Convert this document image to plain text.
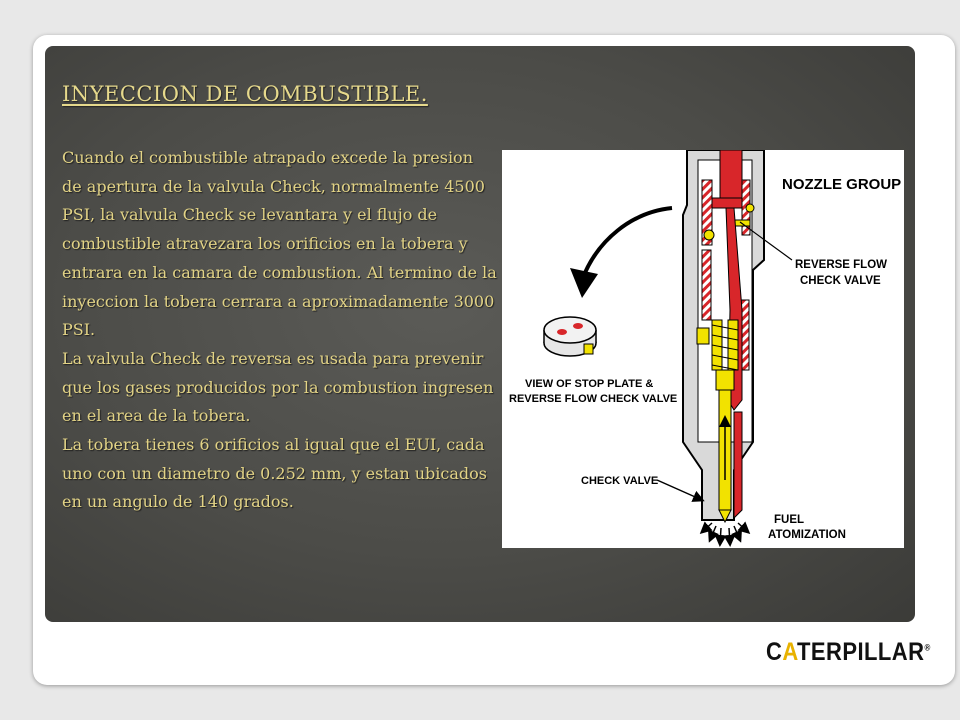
INYECCION DE COMBUSTIBLE.

Cuando el combustible atrapado excede la presion de apertura de la valvula Check, normalmente 4500 PSI, la valvula Check se levantara y el flujo de combustible atravezara los orificios en la tobera y entrara en la camara de combustion. Al termino de la inyeccion la tobera cerrara a aproximadamente 3000 PSI.

La valvula Check de reversa es usada para prevenir que los gases producidos por la combustion ingresen en el area de la tobera.

La tobera tienes 6 orificios al igual que el EUI, cada uno con un diametro de 0.252 mm, y estan ubicados en un angulo de 140 grados.

NOZZLE GROUP
REVERSE FLOW
CHECK VALVE
VIEW OF STOP PLATE &
REVERSE FLOW CHECK VALVE
CHECK VALVE
FUEL
ATOMIZATION
CATERPILLAR®
